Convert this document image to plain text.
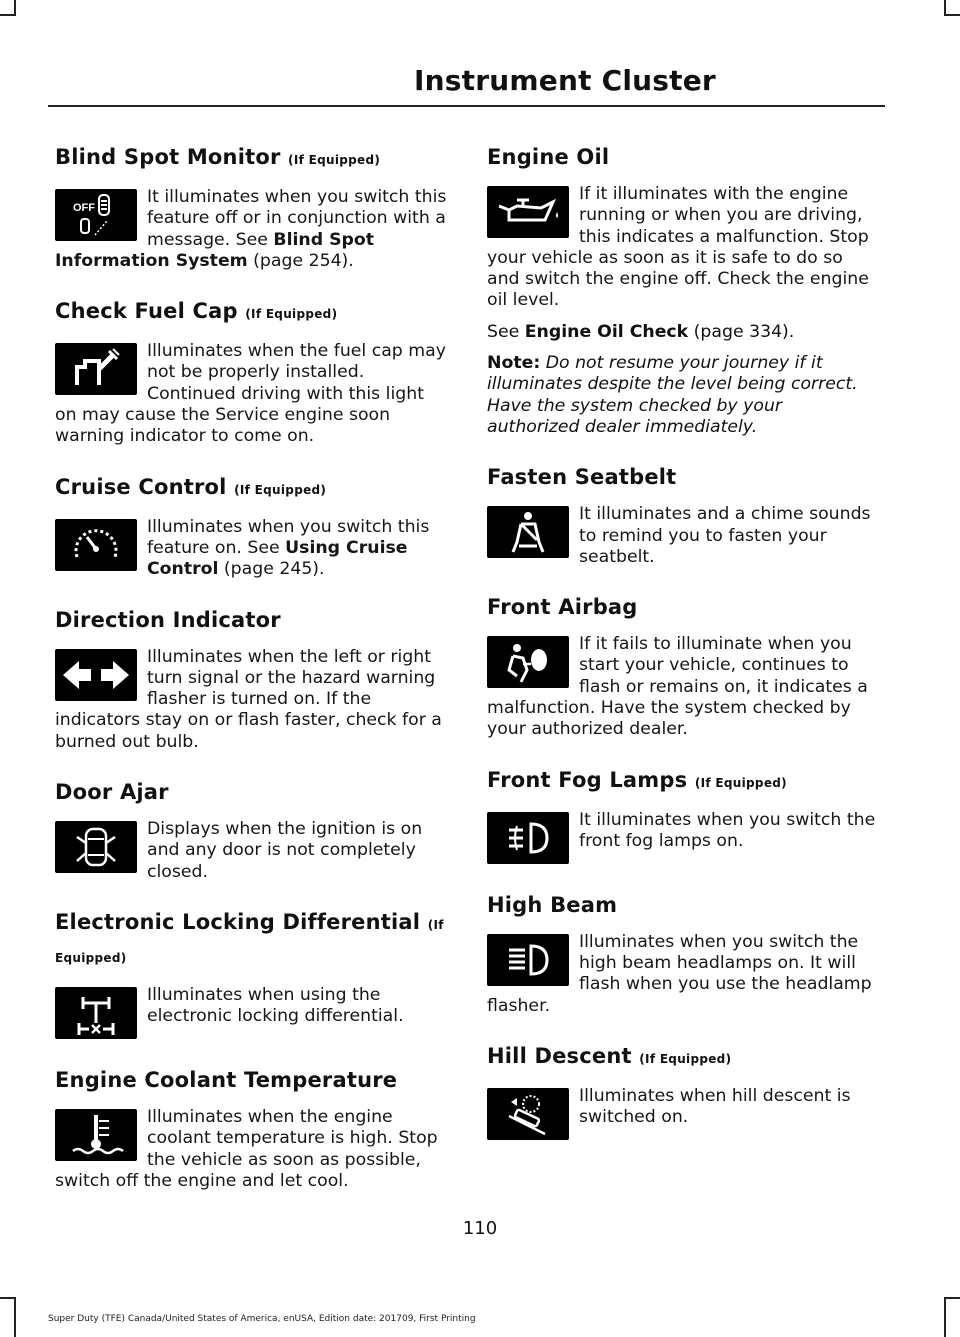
Instrument Cluster
Blind Spot Monitor (If Equipped)
OFF

It illuminates when you switch this feature off or in conjunction with a message. See Blind Spot Information System (page 254).

Check Fuel Cap (If Equipped)

Illuminates when the fuel cap may not be properly installed. Continued driving with this light on may cause the Service engine soon warning indicator to come on.

Cruise Control (If Equipped)

Illuminates when you switch this feature on. See Using Cruise Control (page 245).

Direction Indicator

Illuminates when the left or right turn signal or the hazard warning flasher is turned on. If the indicators stay on or flash faster, check for a burned out bulb.

Door Ajar

Displays when the ignition is on and any door is not completely closed.

Electronic Locking Differential (If Equipped)

Illuminates when using the electronic locking differential.

Engine Coolant Temperature

Illuminates when the engine coolant temperature is high. Stop the vehicle as soon as possible, switch off the engine and let cool.

Engine Oil

If it illuminates with the engine running or when you are driving, this indicates a malfunction. Stop your vehicle as soon as it is safe to do so and switch the engine off. Check the engine oil level.

See Engine Oil Check (page 334).

Note: Do not resume your journey if it illuminates despite the level being correct. Have the system checked by your authorized dealer immediately.

Fasten Seatbelt

It illuminates and a chime sounds to remind you to fasten your seatbelt.

Front Airbag

If it fails to illuminate when you start your vehicle, continues to flash or remains on, it indicates a malfunction. Have the system checked by your authorized dealer.

Front Fog Lamps (If Equipped)

It illuminates when you switch the front fog lamps on.

High Beam

Illuminates when you switch the high beam headlamps on. It will flash when you use the headlamp flasher.

Hill Descent (If Equipped)

Illuminates when hill descent is switched on.

110
Super Duty (TFE) Canada/United States of America, enUSA, Edition date: 201709, First Printing
